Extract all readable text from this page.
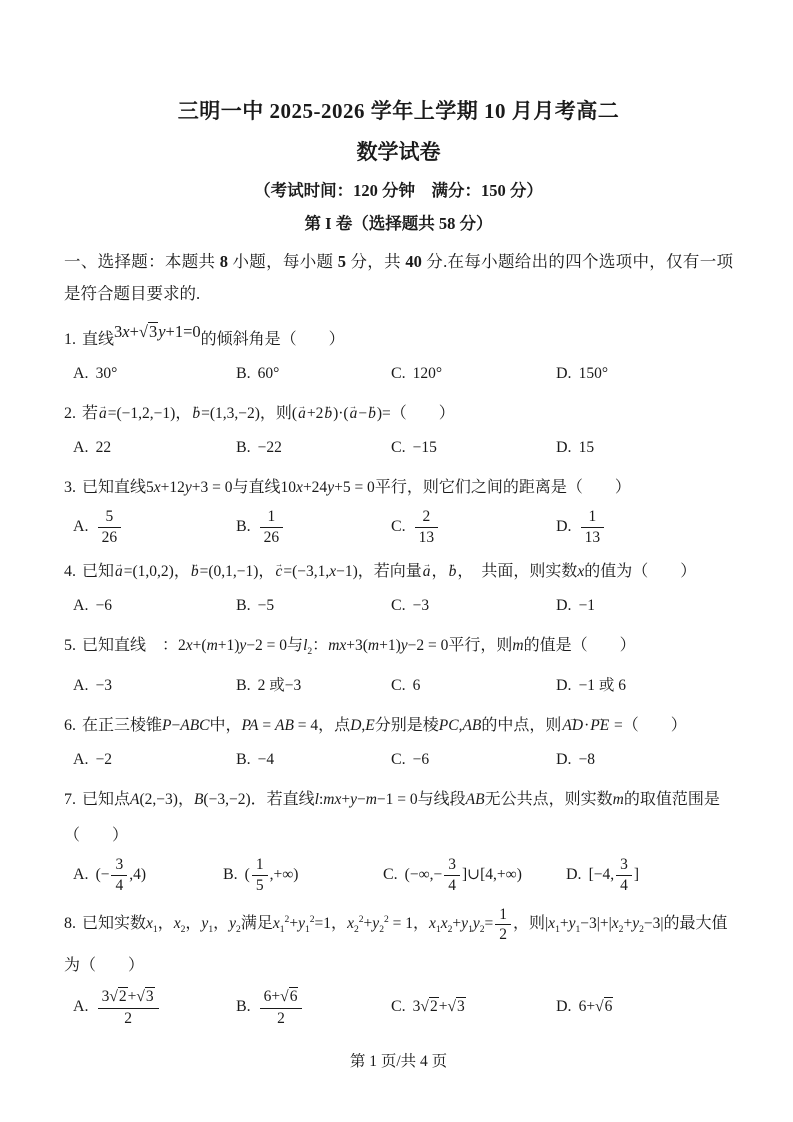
三明一中 2025-2026 学年上学期 10 月月考高二
数学试卷
（考试时间：120 分钟　满分：150 分）
第 I 卷（选择题共 58 分）

一、选择题：本题共 8 小题，每小题 5 分，共 40 分.在每小题给出的四个选项中，仅有一项是符合题目要求的.

1. 直线3x+ √ 3y+1=0的倾斜角是（　　）
A. 30°	B. 60°	C. 120°	D. 150°
2. 若→ a=(−1,2,−1)，→ b=(1,3,−2)，则(→ a+2→ b)·(→ a−→ b)=（　　）
A. 22	B. −22	C. −15	D. 15
3. 已知直线5x+12y+3 = 0与直线10x+24y+5 = 0平行，则它们之间的距离是（　　）
A. $\frac{5}{26}$	B. $\frac{1}{26}$	C. $\frac{2}{13}$	D. $\frac{1}{13}$
4. 已知→ a=(1,0,2)，→ b=(0,1,−1)，→ c=(−3,1,x−1)，若向量→ a，→ b，　共面，则实数x的值为（　　）
A. −6	B. −5	C. −3	D. −1
5. 已知直线　：2x+(m+1)y−2 = 0与$l_2$：mx+3(m+1)y−2 = 0平行，则m的值是（　　）
A. −3	B. 2 或−3	C. 6	D. −1 或 6
6. 在正三棱锥P−ABC中，PA = AB = 4，点D,E分别是棱PC,AB的中点，则→ AD·→ PE =（　　）
A. −2	B. −4	C. −6	D. −8
7. 已知点A(2,−3)，B(−3,−2)．若直线l:mx+y−m−1 = 0与线段AB无公共点，则实数m的取值范围是（　　）
A. (− $\frac{3}{4} ,4$)	B. ( $\frac{1}{5}$ ,+∞)	C. (−∞,− $\frac{3}{4}$ ]∪[4,+∞)	D. [−4, $\frac{3}{4}$ ]
8. 已知实数$x_1$，$x_2$，$y_1$，$y_2$满足$x_1^2+y_1^2=1$，$x_2^2+y_2^2 = 1$，$x_1x_2+y_1y_2= \frac{1}{2}$ ，则$|x_1+y_1-3|+|x_2+y_2-3|$的最大值为（　　）
A. $\frac{3 √ 2+ √ 3}{2}$	B. $\frac{6+ √ 6}{2}$	C. 3 √ 2+ √ 3	D. 6+ √ 6
第 1 页/共 4 页
